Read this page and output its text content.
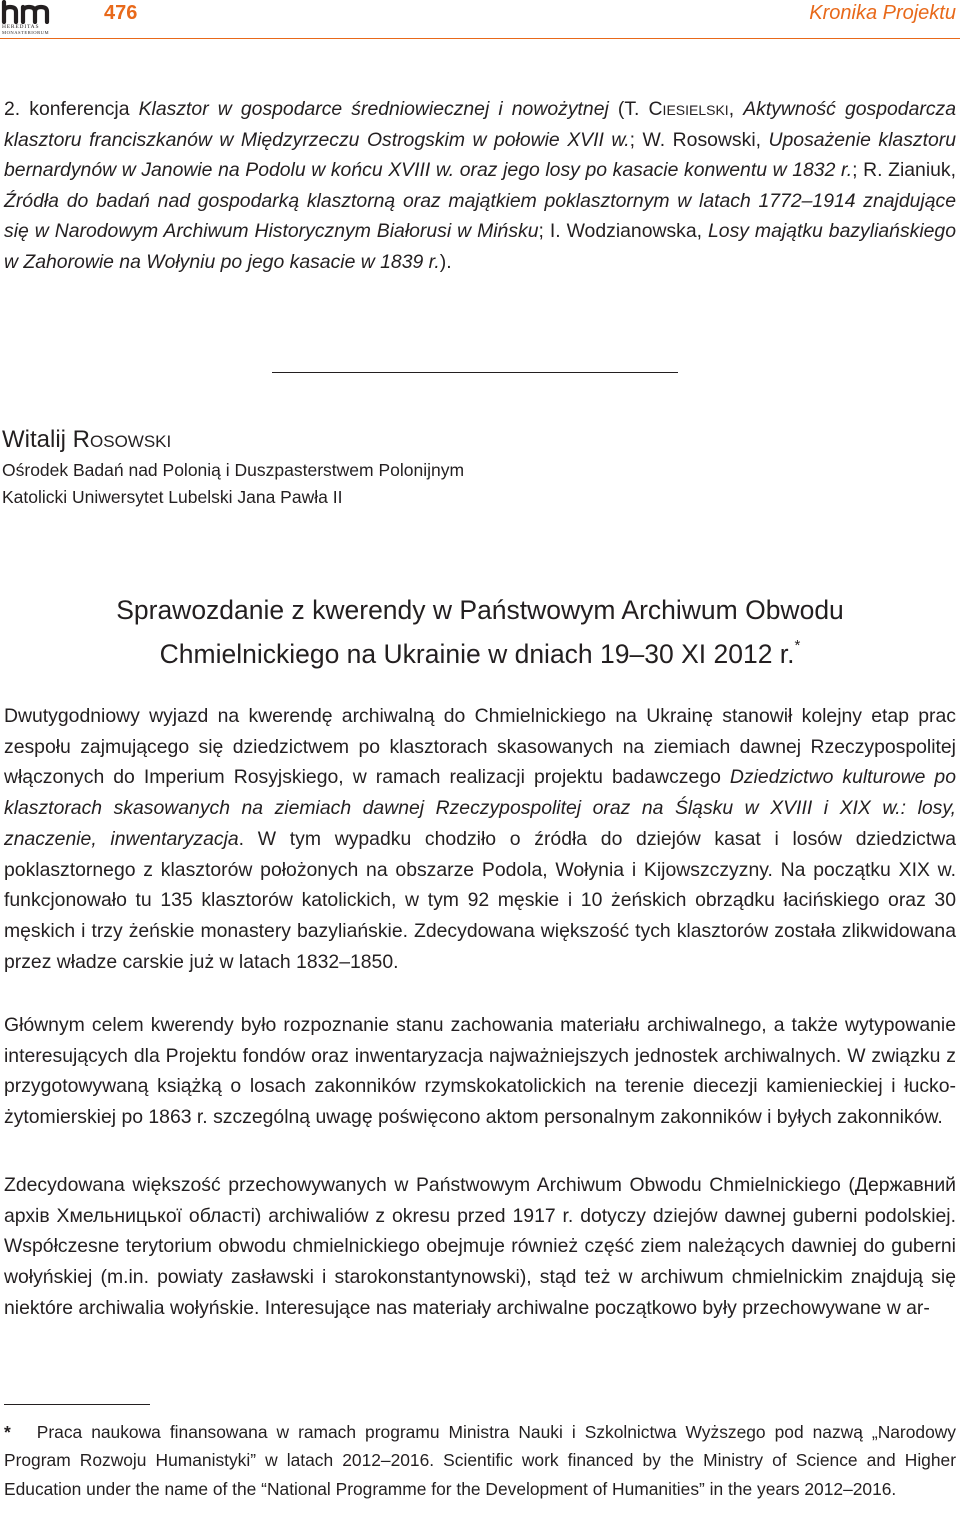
HEREDITAS
MONASTERIORUM
476	Kronika Projektu

2. konferencja Klasztor w gospodarce średniowiecznej i nowożytnej (T. Ciesielski, Aktywność gospodarcza klasztoru franciszkanów w Międzyrzeczu Ostrogskim w połowie XVII w.; W. Rosowski, Uposażenie klasztoru bernardynów w Janowie na Podolu w końcu XVIII w. oraz jego losy po kasacie konwentu w 1832 r.; R. Zianiuk, Źródła do badań nad gospodarką klasztorną oraz majątkiem poklasztornym w latach 1772–1914 znajdujące się w Narodowym Archiwum Historycznym Białorusi w Mińsku; I. Wodzianowska, Losy majątku bazyliańskiego w Zahorowie na Wołyniu po jego kasacie w 1839 r.).

Witalij Rosowski
Ośrodek Badań nad Polonią i Duszpasterstwem Polonijnym
Katolicki Uniwersytet Lubelski Jana Pawła II
Sprawozdanie z kwerendy w Państwowym Archiwum Obwodu
Chmielnickiego na Ukrainie w dniach 19–30 XI 2012 r.*

Dwutygodniowy wyjazd na kwerendę archiwalną do Chmielnickiego na Ukrainę stanowił kolejny etap prac zespołu zajmującego się dziedzictwem po klasztorach skasowanych na ziemiach dawnej Rzeczypospolitej włączonych do Imperium Rosyjskiego, w ramach realizacji projektu badawczego Dziedzictwo kulturowe po klasztorach skasowanych na ziemiach dawnej Rzeczypospolitej oraz na Śląsku w XVIII i XIX w.: losy, znaczenie, inwentaryzacja. W tym wypadku chodziło o źródła do dziejów kasat i losów dziedzictwa poklasztornego z klasztorów położonych na obszarze Podola, Wołynia i Kijowszczyzny. Na początku XIX w. funkcjonowało tu 135 klasztorów katolickich, w tym 92 męskie i 10 żeńskich obrządku łacińskiego oraz 30 męskich i trzy żeńskie monastery bazyliańskie. Zdecydowana większość tych klasztorów została zlikwidowana przez władze carskie już w latach 1832–1850.

Głównym celem kwerendy było rozpoznanie stanu zachowania materiału archiwalnego, a także wytypowanie interesujących dla Projektu fondów oraz inwentaryzacja najważniejszych jednostek archiwalnych. W związku z przygotowywaną książką o losach zakonników rzymskokatolickich na terenie diecezji kamienieckiej i łucko-żytomierskiej po 1863 r. szczególną uwagę poświęcono aktom personalnym zakonników i byłych zakonników.

Zdecydowana większość przechowywanych w Państwowym Archiwum Obwodu Chmielnickiego (Державний архів Хмельницької області) archiwaliów z okresu przed 1917 r. dotyczy dziejów dawnej guberni podolskiej. Współczesne terytorium obwodu chmielnickiego obejmuje również część ziem należących dawniej do guberni wołyńskiej (m.in. powiaty zasławski i starokonstantynowski), stąd też w archiwum chmielnickim znajdują się niektóre archiwalia wołyńskie. Interesujące nas materiały archiwalne początkowo były przechowywane w ar-

* Praca naukowa finansowana w ramach programu Ministra Nauki i Szkolnictwa Wyższego pod nazwą „Narodowy Program Rozwoju Humanistyki” w latach 2012–2016. Scientific work financed by the Ministry of Science and Higher Education under the name of the “National Programme for the Development of Humanities” in the years 2012–2016.
